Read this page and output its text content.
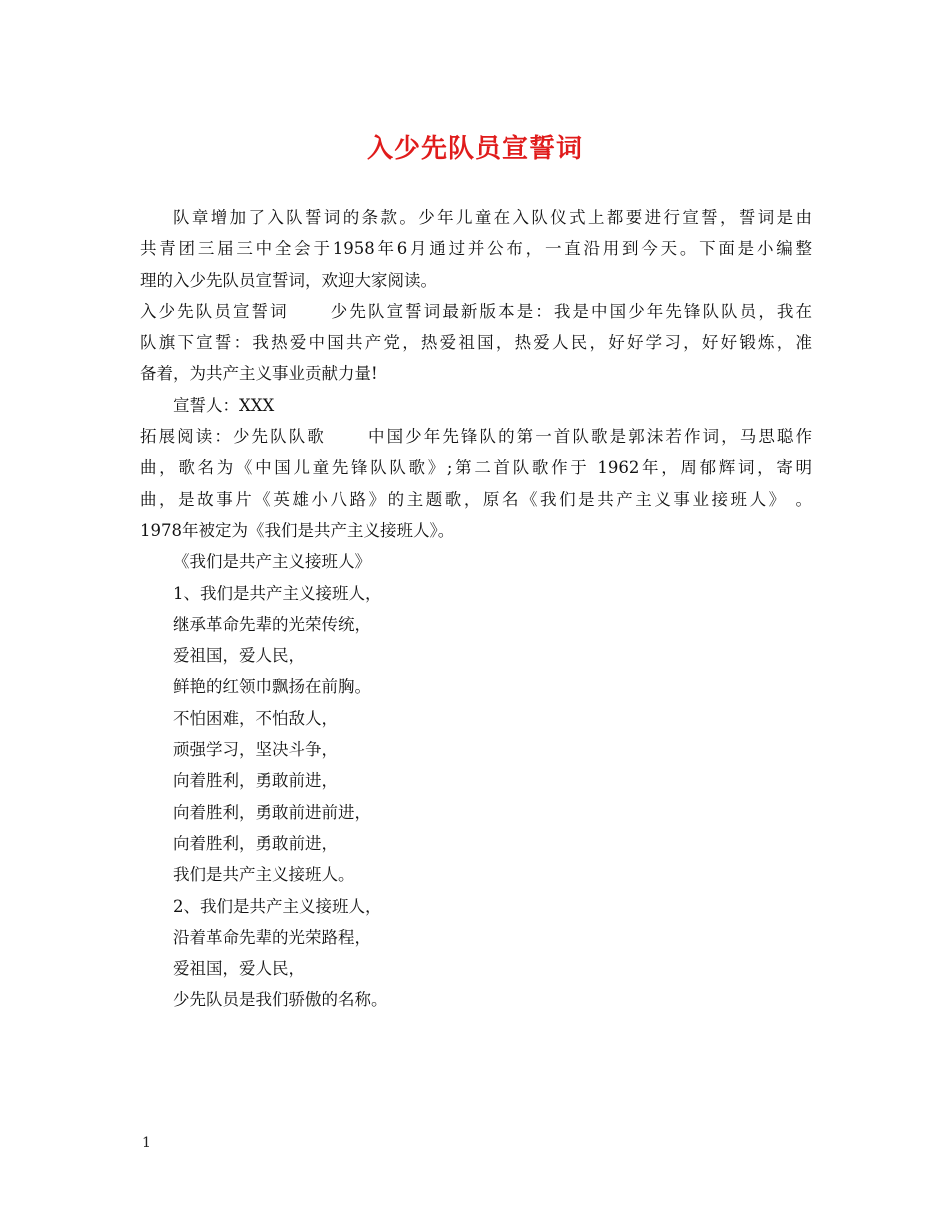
入少先队员宣誓词
队章增加了入队誓词的条款。少年儿童在入队仪式上都要进行宣誓，誓词是由
共青团三届三中全会于1958年6月通过并公布，一直沿用到今天。下面是小编整
理的入少先队员宣誓词，欢迎大家阅读。
入少先队员宣誓词 少先队宣誓词最新版本是：我是中国少年先锋队队员，我在
队旗下宣誓：我热爱中国共产党，热爱祖国，热爱人民，好好学习，好好锻炼，准
备着，为共产主义事业贡献力量!
宣誓人：XXX
拓展阅读：少先队队歌 中国少年先锋队的第一首队歌是郭沫若作词，马思聪作
曲，歌名为《中国儿童先锋队队歌》;第二首队歌作于 1962年，周郁辉词，寄明
曲，是故事片《英雄小八路》的主题歌，原名《我们是共产主义事业接班人》 。
1978年被定为《我们是共产主义接班人》。
《我们是共产主义接班人》
1、我们是共产主义接班人，
继承革命先辈的光荣传统，
爱祖国，爱人民，
鲜艳的红领巾飘扬在前胸。
不怕困难，不怕敌人，
顽强学习，坚决斗争，
向着胜利，勇敢前进，
向着胜利，勇敢前进前进，
向着胜利，勇敢前进，
我们是共产主义接班人。
2、我们是共产主义接班人，
沿着革命先辈的光荣路程，
爱祖国，爱人民，
少先队员是我们骄傲的名称。
1
